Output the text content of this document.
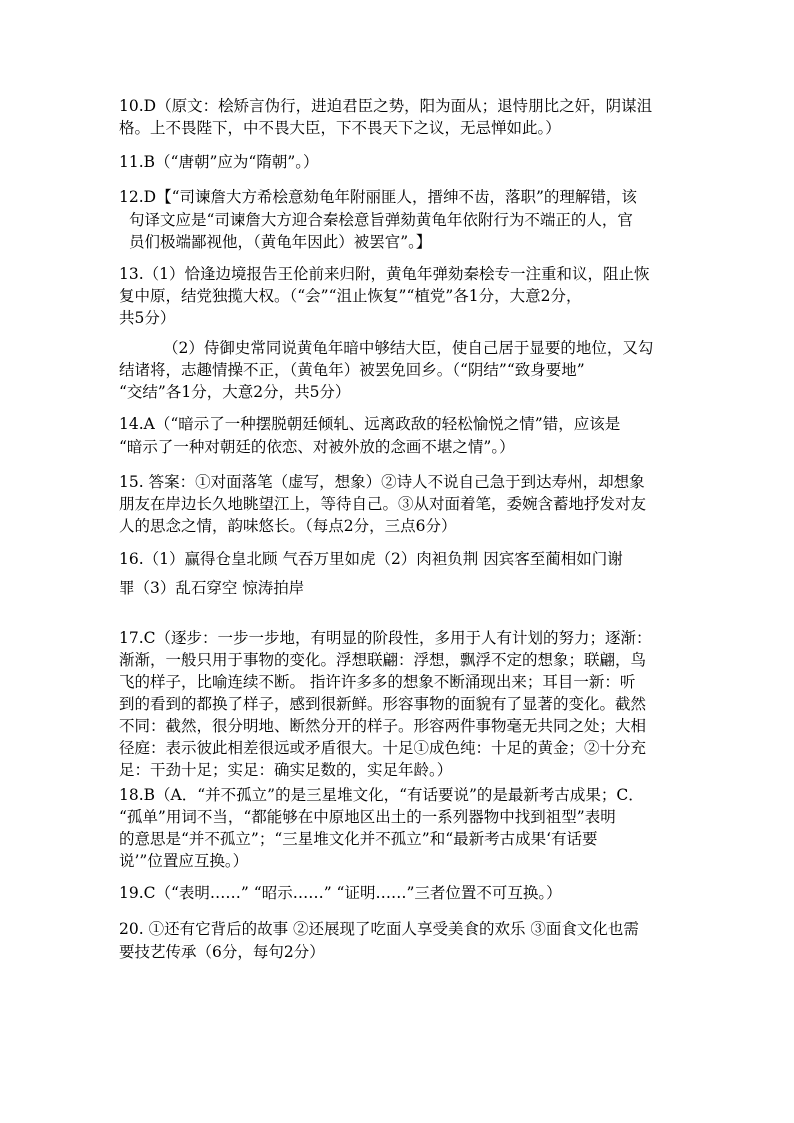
10.D（原文：桧矫言伪行，进迫君臣之势，阳为面从；退恃朋比之奸，阴谋沮
格。上不畏陛下，中不畏大臣，下不畏天下之议，无忌惮如此。）
11.B（“唐朝”应为“隋朝”。）
12.D【“司谏詹大方希桧意劾龟年附丽匪人，搢绅不齿，落职”的理解错，该
句译文应是“司谏詹大方迎合秦桧意旨弹劾黄龟年依附行为不端正的人，官
员们极端鄙视他，（黄龟年因此）被罢官”。】
13.（1）恰逢边境报告王伦前来归附，黄龟年弹劾秦桧专一注重和议，阻止恢
复中原，结党独揽大权。（“会”“沮止恢复”“植党”各1分，大意2分，
共5分）
（2）侍御史常同说黄龟年暗中够结大臣，使自己居于显要的地位，又勾
结诸将，志趣情操不正，（黄龟年）被罢免回乡。（“阴结”“致身要地”
“交结”各1分，大意2分，共5分）
14.A（“暗示了一种摆脱朝廷倾轧、远离政敌的轻松愉悦之情”错，应该是
“暗示了一种对朝廷的依恋、对被外放的念画不堪之情”。）
15. 答案：①对面落笔（虚写，想象）②诗人不说自己急于到达寿州，却想象
朋友在岸边长久地眺望江上，等待自己。③从对面着笔，委婉含蓄地抒发对友
人的思念之情，韵味悠长。（每点2分，三点6分）
16.（1）赢得仓皇北顾 气吞万里如虎（2）肉袒负荆 因宾客至蔺相如门谢
罪（3）乱石穿空 惊涛拍岸
17.C（逐步：一步一步地，有明显的阶段性，多用于人有计划的努力；逐渐：
渐渐，一般只用于事物的变化。浮想联翩：浮想，飘浮不定的想象；联翩，鸟
飞的样子，比喻连续不断。 指许许多多的想象不断涌现出来；耳目一新：听
到的看到的都换了样子，感到很新鲜。形容事物的面貌有了显著的变化。截然
不同：截然，很分明地、断然分开的样子。形容两件事物毫无共同之处；大相
径庭：表示彼此相差很远或矛盾很大。十足①成色纯：十足的黄金；②十分充
足：干劲十足；实足：确实足数的，实足年龄。）
18.B（A．“并不孤立”的是三星堆文化，“有话要说”的是最新考古成果；C．
“孤单”用词不当，“都能够在中原地区出土的一系列器物中找到祖型”表明
的意思是“并不孤立”；“三星堆文化并不孤立”和“最新考古成果‘有话要
说’”位置应互换。）
19.C（“表明……” “昭示……” “证明……”三者位置不可互换。）
20. ①还有它背后的故事 ②还展现了吃面人享受美食的欢乐 ③面食文化也需
要技艺传承（6分，每句2分）
